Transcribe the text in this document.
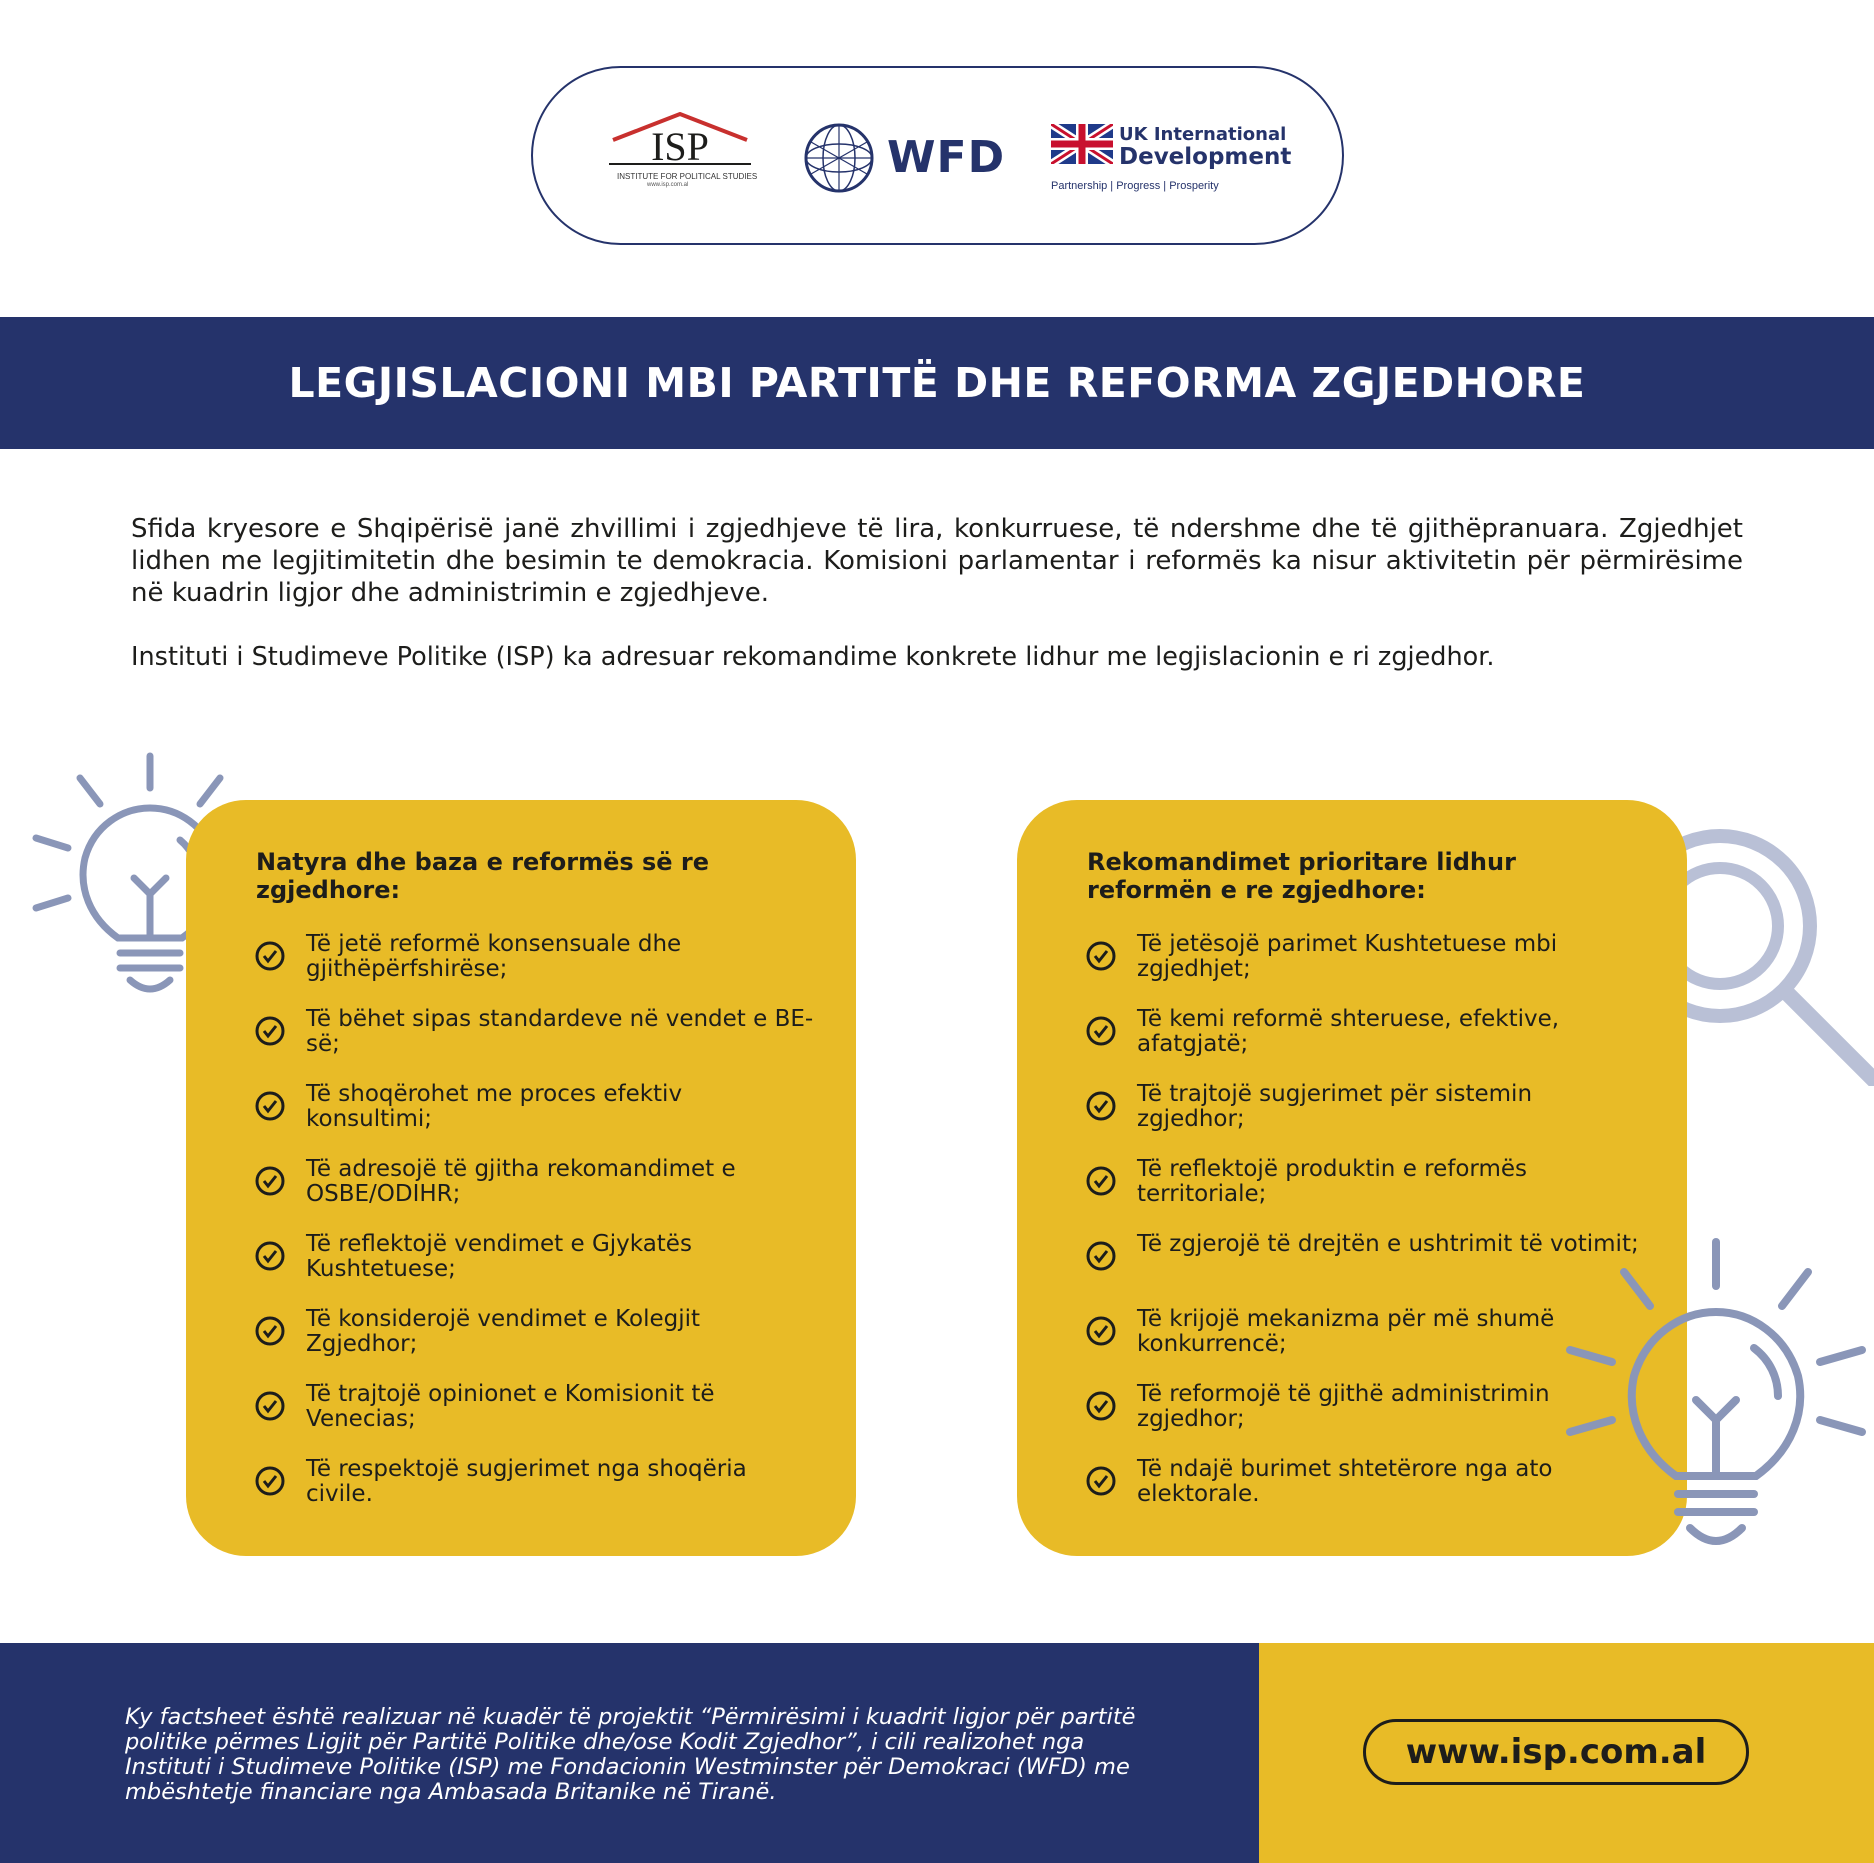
ISP
INSTITUTE FOR POLITICAL STUDIES
www.isp.com.al
WFD	UK International
Development
Partnership | Progress | Prosperity
LEGJISLACIONI MBI PARTITË DHE REFORMA ZGJEDHORE

Sfida kryesore e Shqipërisë janë zhvillimi i zgjedhjeve të lira, konkurruese, të ndershme dhe të gjithëpranuara. Zgjedhjet lidhen me legjitimitetin dhe besimin te demokracia. Komisioni parlamentar i reformës ka nisur aktivitetin për përmirësime në kuadrin ligjor dhe administrimin e zgjedhjeve.

Instituti i Studimeve Politike (ISP) ka adresuar rekomandime konkrete lidhur me legjislacionin e ri zgjedhor.

Natyra dhe baza e reformës së re zgjedhore:
Të jetë reformë konsensuale dhe gjithëpërfshirëse;
Të bëhet sipas standardeve në vendet e BE-së;
Të shoqërohet me proces efektiv konsultimi;
Të adresojë të gjitha rekomandimet e OSBE/ODIHR;
Të reflektojë vendimet e Gjykatës Kushtetuese;
Të konsiderojë vendimet e Kolegjit Zgjedhor;
Të trajtojë opinionet e Komisionit të Venecias;
Të respektojë sugjerimet nga shoqëria civile.
Rekomandimet prioritare lidhur reformën e re zgjedhore:
Të jetësojë parimet Kushtetuese mbi zgjedhjet;
Të kemi reformë shteruese, efektive, afatgjatë;
Të trajtojë sugjerimet për sistemin zgjedhor;
Të reflektojë produktin e reformës territoriale;
Të zgjerojë të drejtën e ushtrimit të votimit;
Të krijojë mekanizma për më shumë konkurrencë;
Të reformojë të gjithë administrimin zgjedhor;
Të ndajë burimet shtetërore nga ato elektorale.

Ky factsheet është realizuar në kuadër të projektit “Përmirësimi i kuadrit ligjor për partitë politike përmes Ligjit për Partitë Politike dhe/ose Kodit Zgjedhor”, i cili realizohet nga Instituti i Studimeve Politike (ISP) me Fondacionin Westminster për Demokraci (WFD) me mbështetje financiare nga Ambasada Britanike në Tiranë.

www.isp.com.al
